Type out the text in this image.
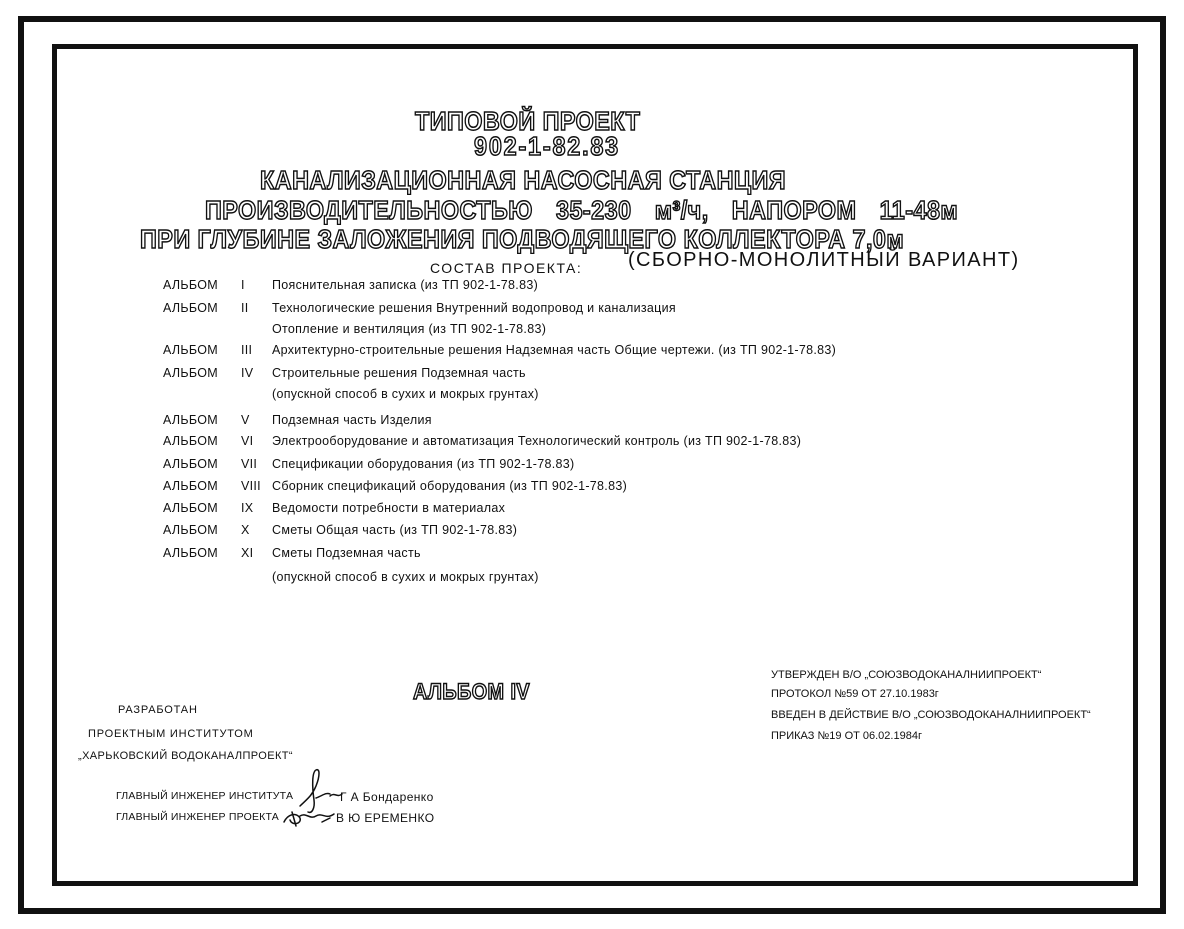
ТИПОВОЙ ПРОЕКТ
902-1-82.83
КАНАЛИЗАЦИОННАЯ НАСОСНАЯ СТАНЦИЯ
ПРОИЗВОДИТЕЛЬНОСТЬЮ 35-230 м³/ч, НАПОРОМ 11-48м
ПРИ ГЛУБИНЕ ЗАЛОЖЕНИЯ ПОДВОДЯЩЕГО КОЛЛЕКТОРА 7,0м
(СБОРНО-МОНОЛИТНЫЙ ВАРИАНТ)
СОСТАВ ПРОЕКТА:
АЛЬБОМ I Пояснительная записка (из ТП 902-1-78.83)
АЛЬБОМ II Технологические решения Внутренний водопровод и канализация
Отопление и вентиляция (из ТП 902-1-78.83)
АЛЬБОМ III Архитектурно-строительные решения Надземная часть Общие чертежи. (из ТП 902-1-78.83)
АЛЬБОМ IV Строительные решения Подземная часть
(опускной способ в сухих и мокрых грунтах)
АЛЬБОМ V Подземная часть Изделия
АЛЬБОМ VI Электрооборудование и автоматизация Технологический контроль (из ТП 902-1-78.83)
АЛЬБОМ VII Спецификации оборудования (из ТП 902-1-78.83)
АЛЬБОМ VIII Сборник спецификаций оборудования (из ТП 902-1-78.83)
АЛЬБОМ IX Ведомости потребности в материалах
АЛЬБОМ X Сметы Общая часть (из ТП 902-1-78.83)
АЛЬБОМ XI Сметы Подземная часть
(опускной способ в сухих и мокрых грунтах)
АЛЬБОМ IV
УТВЕРЖДЕН В/О „СОЮЗВОДОКАНАЛНИИПРОЕКТ“
ПРОТОКОЛ №59 ОТ 27.10.1983г
ВВЕДЕН В ДЕЙСТВИЕ В/О „СОЮЗВОДОКАНАЛНИИПРОЕКТ“
ПРИКАЗ №19 ОТ 06.02.1984г
РАЗРАБОТАН
ПРОЕКТНЫМ ИНСТИТУТОМ
„ХАРЬКОВСКИЙ ВОДОКАНАЛПРОЕКТ“
ГЛАВНЫЙ ИНЖЕНЕР ИНСТИТУТА	Г А Бондаренко
ГЛАВНЫЙ ИНЖЕНЕР ПРОЕКТА	В Ю ЕРЕМЕНКО
